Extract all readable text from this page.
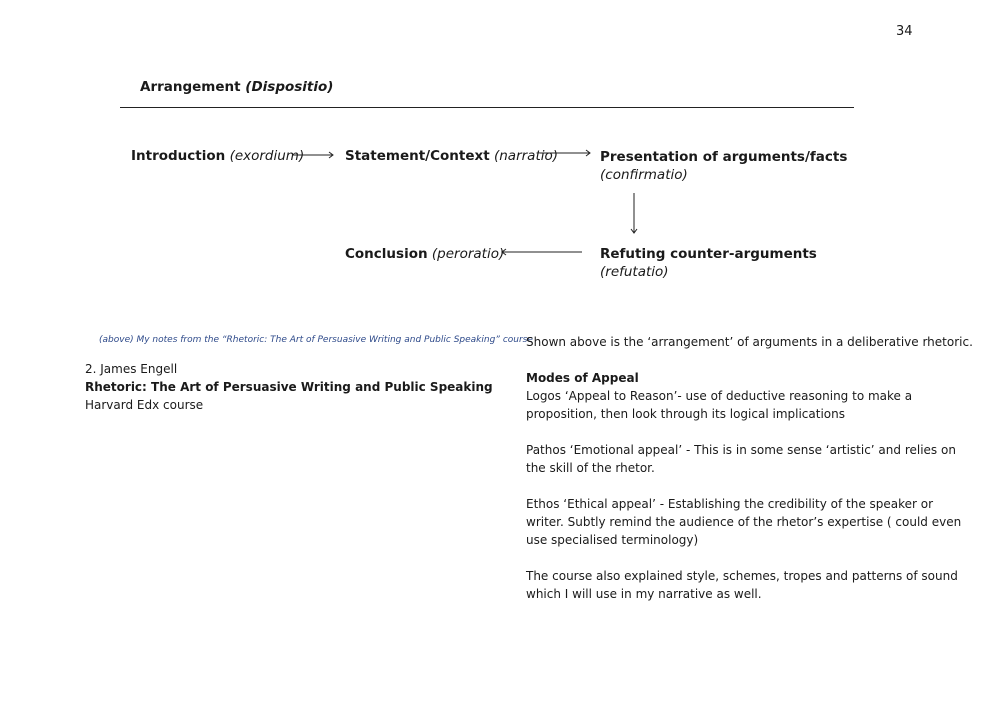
34
Arrangement (Dispositio)
Introduction (exordium)	Statement/Context (narratio)	Presentation of arguments/facts
(confirmatio)
Refuting counter-arguments
(refutatio)
Conclusion (peroratio)
(above) My notes from the “Rhetoric: The Art of Persuasive Writing and Public Speaking” course
2. James Engell
Rhetoric: The Art of Persuasive Writing and Public Speaking
Harvard Edx course

Shown above is the ‘arrangement’ of arguments in a deliberative rhetoric.

Modes of Appeal

Logos ‘Appeal to Reason’- use of deductive reasoning to make a

proposition, then look through its logical implications

Pathos ‘Emotional appeal’ - This is in some sense ‘artistic’ and relies on

the skill of the rhetor.

Ethos ‘Ethical appeal’ - Establishing the credibility of the speaker or

writer. Subtly remind the audience of the rhetor’s expertise ( could even

use specialised terminology)

The course also explained style, schemes, tropes and patterns of sound

which I will use in my narrative as well.
